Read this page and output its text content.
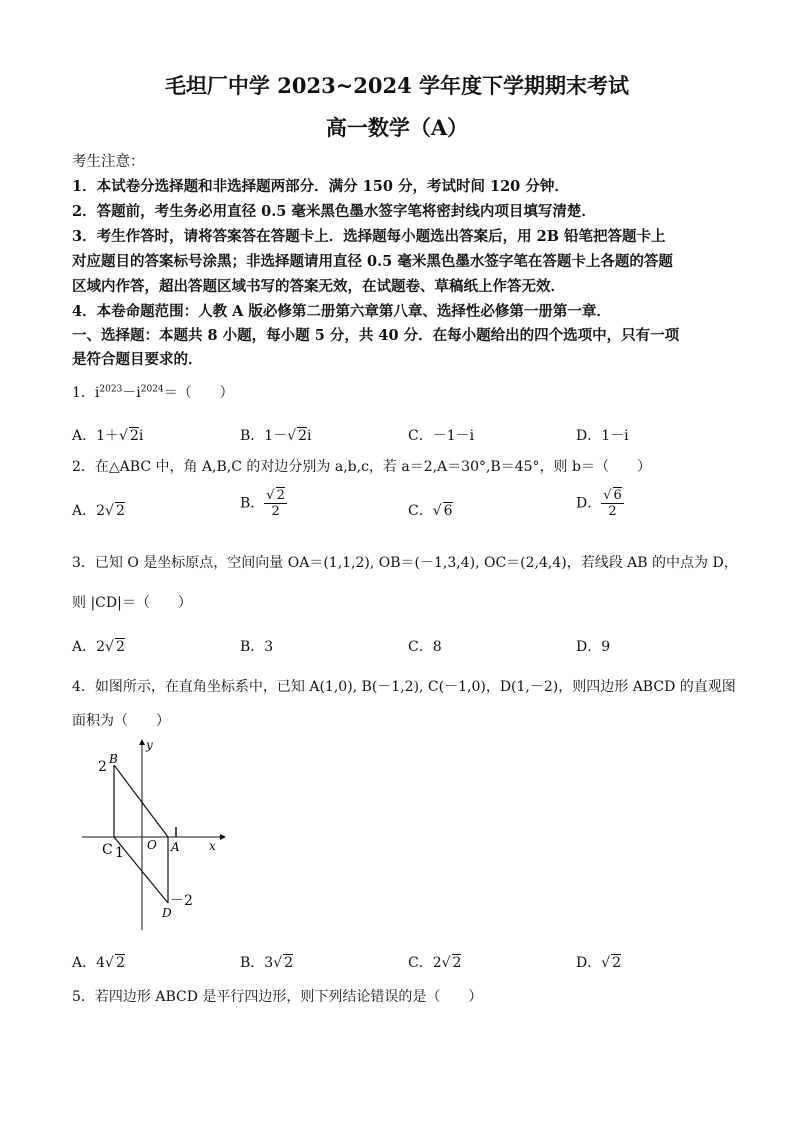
毛坦厂中学 2023~2024 学年度下学期期末考试
高一数学（A）
考生注意：
1．本试卷分选择题和非选择题两部分．满分 150 分，考试时间 120 分钟．
2．答题前，考生务必用直径 0.5 毫米黑色墨水签字笔将密封线内项目填写清楚．
3．考生作答时，请将答案答在答题卡上．选择题每小题选出答案后，用 2B 铅笔把答题卡上
对应题目的答案标号涂黑；非选择题请用直径 0.5 毫米黑色墨水签字笔在答题卡上各题的答题
区域内作答，超出答题区域书写的答案无效，在试题卷、草稿纸上作答无效．
4．本卷命题范围：人教 A 版必修第二册第六章第八章、选择性必修第一册第一章．
一、选择题：本题共 8 小题，每小题 5 分，共 40 分．在每小题给出的四个选项中，只有一项
是符合题目要求的．
1．$i^{2023}-i^{2024}=$（　　）
A．1＋√ 2i	B．1－√ 2i	C．－1－i	D．1－i
2．在△ABC 中，角 A,B,C 的对边分别为 a,b,c，若 a＝2,A＝30°,B＝45°，则 b＝（　　）
A．2√ 2	B． $\frac{√ 2}{2}$	C．√ 6	D． $\frac{√ 6}{2}$
3．已知 O 是坐标原点，空间向量 OA＝(1,1,2), OB＝(－1,3,4), OC＝(2,4,4)，若线段 AB 的中点为 D，
则 |CD|＝（　　）
A．2√ 2	B．3	C．8	D．9
4．如图所示，在直角坐标系中，已知 A(1,0), B(－1,2), C(－1,0)，D(1,－2)，则四边形 ABCD 的直观图
面积为（　　）
B
2
C 1 O A x
y
D
－2
A．4√ 2	B．3√ 2	C．2√ 2	D．√ 2
5．若四边形 ABCD 是平行四边形，则下列结论错误的是（　　）
